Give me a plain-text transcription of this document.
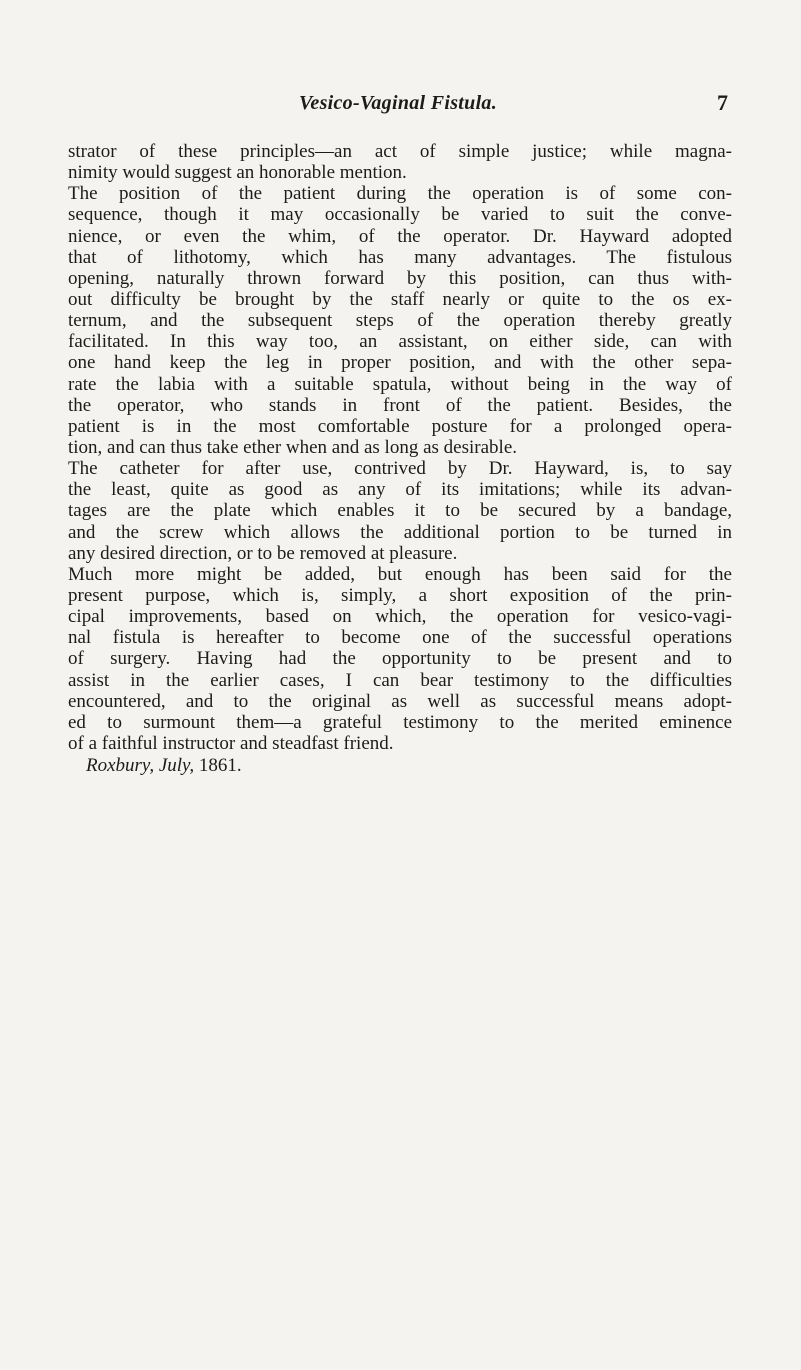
Vesico-Vaginal Fistula.	7
strator of these principles—an act of simple justice; while magna-
nimity would suggest an honorable mention.
The position of the patient during the operation is of some con-
sequence, though it may occasionally be varied to suit the conve-
nience, or even the whim, of the operator. Dr. Hayward adopted
that of lithotomy, which has many advantages. The fistulous
opening, naturally thrown forward by this position, can thus with-
out difficulty be brought by the staff nearly or quite to the os ex-
ternum, and the subsequent steps of the operation thereby greatly
facilitated. In this way too, an assistant, on either side, can with
one hand keep the leg in proper position, and with the other sepa-
rate the labia with a suitable spatula, without being in the way of
the operator, who stands in front of the patient. Besides, the
patient is in the most comfortable posture for a prolonged opera-
tion, and can thus take ether when and as long as desirable.
The catheter for after use, contrived by Dr. Hayward, is, to say
the least, quite as good as any of its imitations; while its advan-
tages are the plate which enables it to be secured by a bandage,
and the screw which allows the additional portion to be turned in
any desired direction, or to be removed at pleasure.
Much more might be added, but enough has been said for the
present purpose, which is, simply, a short exposition of the prin-
cipal improvements, based on which, the operation for vesico-vagi-
nal fistula is hereafter to become one of the successful operations
of surgery. Having had the opportunity to be present and to
assist in the earlier cases, I can bear testimony to the difficulties
encountered, and to the original as well as successful means adopt-
ed to surmount them—a grateful testimony to the merited eminence
of a faithful instructor and steadfast friend.
Roxbury, July, 1861.
